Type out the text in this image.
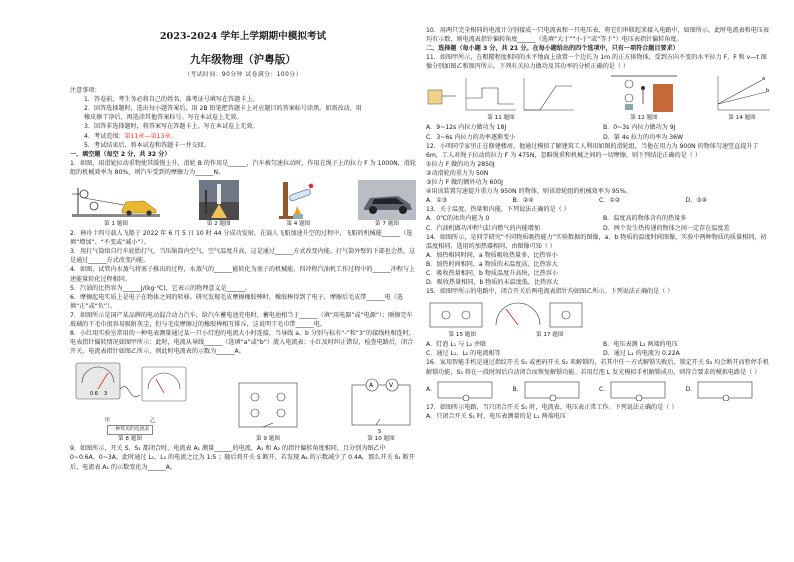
2023-2024 学年上学期期中模拟考试
九年级物理（沪粤版）
（考试时间：90分钟 试卷满分：100分）
注意事项：
1．答卷前，考生务必将自己的姓名、准考证号填写在答题卡上。
2．回答选择题时，选出每小题答案后，用 2B 铅笔把答题卡上对应题目的答案标号涂黑。如需改动，用
橡皮擦干净后，再选涂其他答案标号。写在本试卷上无效。
3．回答非选择题时，将答案写在答题卡上。写在本试卷上无效。
4．考试范围：第11章—第13章。
5．考试结束后，将本试卷和答题卡一并交回。
一、填空题（每空 2 分，共 32 分）

1．如图，用滑轮拉动重物使其缓慢上升，滑轮 B 的作用是______，汽车被匀速拉动时，作用在绳子上的拉力 F 为 1000N，滑轮组的机械效率为 80%，则汽车受到的摩擦力为______N。

第 1 题图	第 2 题图	第 4 题图	第 7 题图

2．神舟十四号载人飞船于 2022 年 6 月 5 日 10 时 44 分成功发射，在载人飞船加速升空的过程中，飞船的机械能______（选填“增加”、“不变或“减小”）。

3．用打气筒给自行车轮胎打气，当压缩筒内空气，空气温度升高，这是通过______方式改变内能。打气筒外壁的下部也会热，这是通过______方式改变内能。

4．如图，试管内水蒸气将塞子推出的过程，水蒸气的______能转化为塞子的机械能，四冲程汽油机工作过程中的______冲程与上述能量转化过程相同。

5．汽油的比热容为______J/(kg·℃)，它表示的物理意义是______。

6．摩擦起电实质上是电子在物体之间的转移。研究发现毛皮摩擦橡胶棒时，橡胶棒得到了电子，摩擦后毛皮带______电（选填“正”或“负”）。

7．如图所示是国产某品牌的电动混合动力汽车，给汽车蓄电池充电时，蓄电池相当于______（填“用电器”或“电源”）；刚擦完车玻璃的干毛巾很容易吸附灰尘，但与毛皮摩擦过的橡胶棒相互排斥，这说明干毛巾带______电。

8．小红用实验室常用的一种电表测量通过某一只小灯泡的电流大小时连接，当导线 a、b 分别与标有“-”和“3”的接线柱相连时，电表指针偏转情况如图甲所示；此时，电流从导线______（选填“a”或“b”）流入电流表；小红及时纠正错误，检查电路后，闭合开关，电流表指针如图乙所示，则此时电流表的示数为______A。

0.6 3
甲	乙
一种常见的电流表
第 8 题图	第 9 题图
A	V
S
第 10 题图

9．如图所示，开关 S、S₁ 都闭合时，电流表 A₁ 测量______的电流，A₁ 和 A₂ 的指针偏转角度相同，且分别为图乙中 0~0.6A、0~3A，此时通过 L₁、L₂ 的电流之比为 1:5 ；随后将开关 S 断开，若发现 A₂ 的示数减少了 0.4A，那么开关 S₁ 断开后，电流表 A₁ 的示数变化为______A。

10．用两只完全相同的电流计分别接成一只电流表和一只电压表，将它们串联起来接入电路中，如图所示，此时电流表和电压表均有示数，则电流表指针偏转角度______（选填“大于”“小于”或“等于”）电压表指针偏转角度。

二、选择题（每小题 3 分，共 21 分。在每小题给出的四个选项中，只有一项符合题目要求）

11．如图甲所示，在粗糙程度相同的水平地面上放置一个边长为 1m 的正方体物体，受到方向不变的水平拉力 F，F 和 v—t 图像分别如图乙和图丙所示。下列有关拉力做功及其功率的分析正确的是（ ）

第 11 题图	第 12 题图
a
b
第 14 题图
A．9~12s 内拉力做功为 18J	B．0~3s 内拉力做功为 9J
C．3~6s 内拉力的功率逐渐变小	D．第 4s 拉力的功率为 36W

12．小明同学家里正在修建楼房，他通过模拟了解建筑工人利用如图的滑轮组，当他在用力为 900N 的物体匀速竖直提升了 6m，工人对绳子拉动的拉力 F 为 475N，忽略绳重和机械之间的一切摩擦，则下列结论正确的是（ ）

①拉力 F 做的功为 2850J
②动滑轮的重力为 50N
③拉力 F 做的额外功为 600J
④用该装置匀速提升重力为 950N 的物体，则该滑轮组的机械效率为 95%。
A．①③	B．②④	C．①②	D．③④

13．关于温度、热量和内能，下列说法正确的是（ ）

A．0℃的冰块内能为 0	B．温度高的物体含有的热量多
C．汽油机做功冲程气缸内燃气的内能增加	D．两个发生热传递的物体之间一定存在温度差

14．如图所示，是同学研究“不同物质吸热能力”实验数据的图像，a、b 物质的温度时间图像，实验中两种物质的质量相同，初温度相同，选用的加热器相同，由图像可知（ ）

A．加热相同时间，a 物质吸收热量多，比热容小
B．加热时间相同，a 物质的末温度高，比热容大
C．吸收热量相同，b 物质温度升高快，比热容小
D．吸收热量相同，b 物质的末温度低，比热容大

15．如图甲所示的电路中，闭合开关后两电流表指针均如图乙所示。下列说法正确的是（ ）

第 15 题图	第 17 题图
A．灯泡 L₁ 与 L₂ 并联	B．电压表测 L₂ 两端的电压
C．通过 L₁、L₂ 的电流相等	D．通过 L₁ 的电流为 0.22A

16．家用智能手机是通过指纹开关 S₁ 或密码开关 S₂ 来解锁的，若其中任一方式解锁失败后，锁定开关 S₃ 均会断开而暂停手机解锁功能，S₃ 将在一段时间后自动闭合而恢复解锁功能。若用灯泡 L 发光模拟手机解锁成功，则符合要求的模拟电路是（ ）

A．	B．	C．	D．

17．如图所示电路，当只闭合开关 S₁ 时，电流表、电压表正常工作。下列说法正确的是（ ）

A．只闭合开关 S₁ 时，电压表测量的是 L₁ 两端电压
